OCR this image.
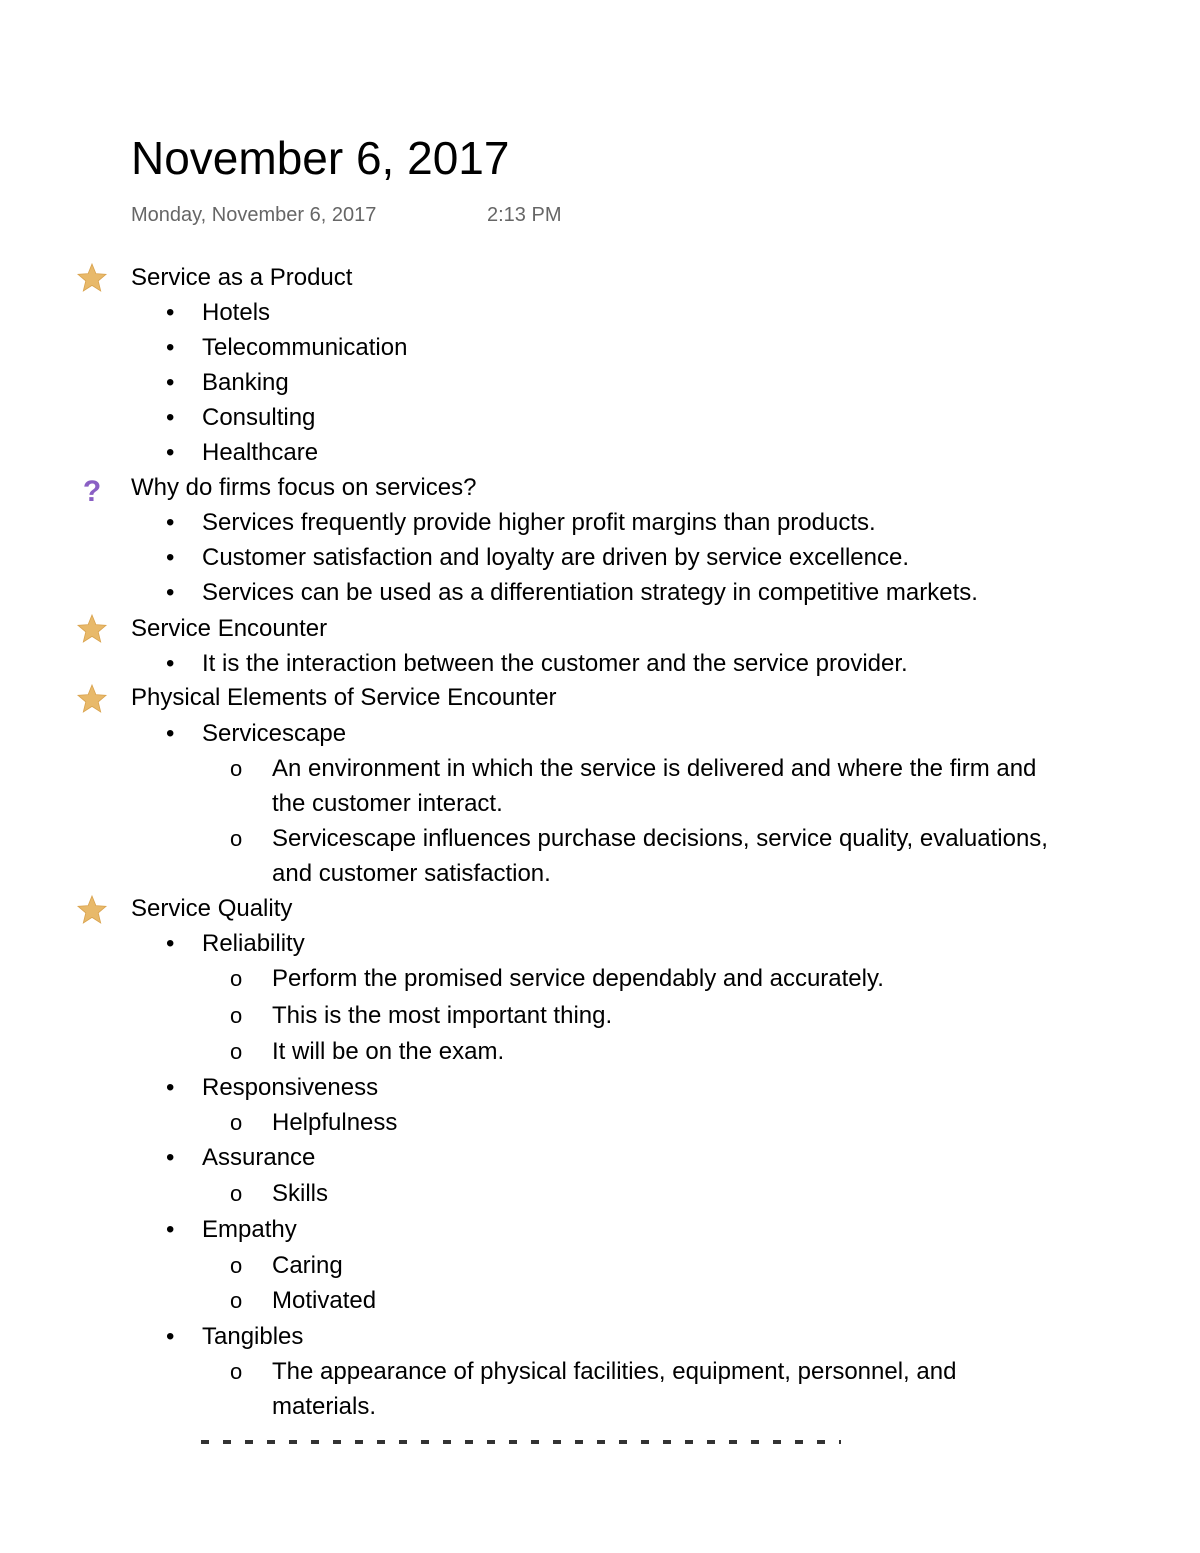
November 6, 2017
Monday, November 6, 2017	2:13 PM
Service as a Product
• Hotels
• Telecommunication
• Banking
• Consulting
• Healthcare
? Why do firms focus on services?
• Services frequently provide higher profit margins than products.
• Customer satisfaction and loyalty are driven by service excellence.
• Services can be used as a differentiation strategy in competitive markets.
Service Encounter
• It is the interaction between the customer and the service provider.
Physical Elements of Service Encounter
• Servicescape
o An environment in which the service is delivered and where the firm and
the customer interact.
o Servicescape influences purchase decisions, service quality, evaluations,
and customer satisfaction.
Service Quality
• Reliability
o Perform the promised service dependably and accurately.
o This is the most important thing.
o It will be on the exam.
• Responsiveness
o Helpfulness
• Assurance
o Skills
• Empathy
o Caring
o Motivated
• Tangibles
o The appearance of physical facilities, equipment, personnel, and
materials.
